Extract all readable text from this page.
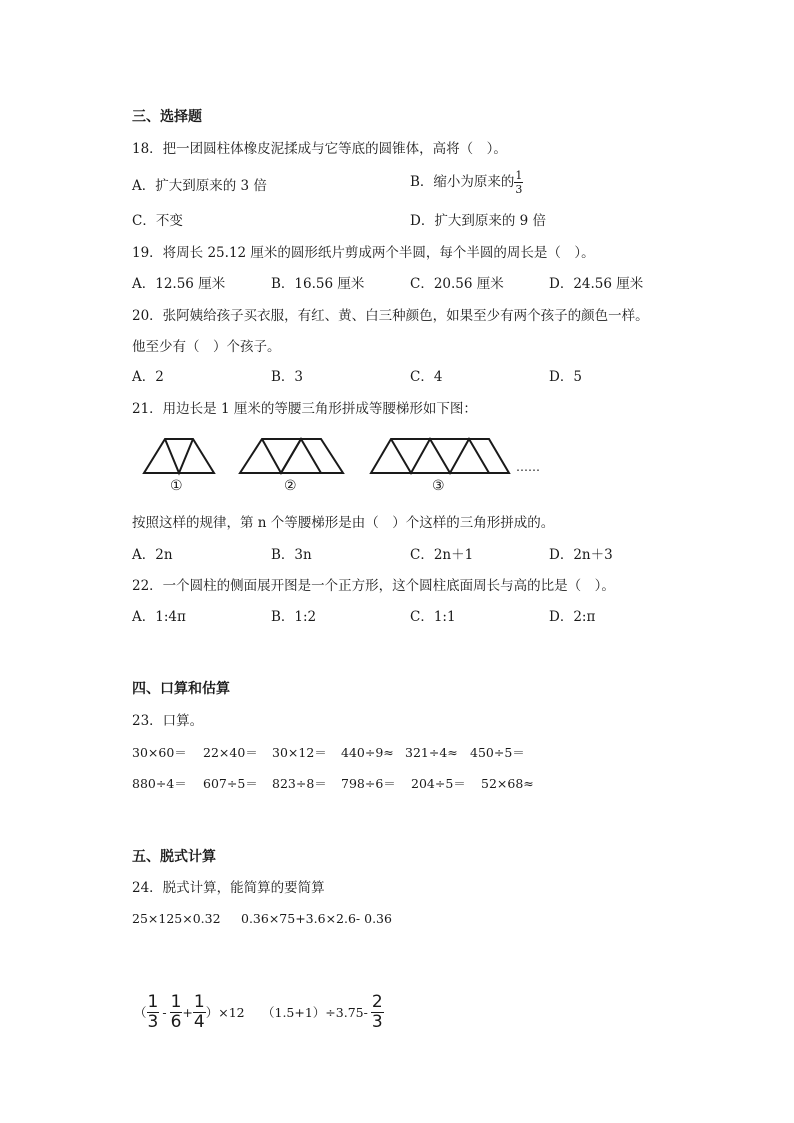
三、选择题
18．把一团圆柱体橡皮泥揉成与它等底的圆锥体，高将（　）。
A．扩大到原来的 3 倍	B．缩小为原来的 $\frac{1}{3}$
C．不变	D．扩大到原来的 9 倍
19．将周长 25.12 厘米的圆形纸片剪成两个半圆，每个半圆的周长是（　）。
A．12.56 厘米	B．16.56 厘米	C．20.56 厘米	D．24.56 厘米
20．张阿姨给孩子买衣服，有红、黄、白三种颜色，如果至少有两个孩子的颜色一样。
他至少有（　）个孩子。
A．2	B．3	C．4	D．5
21．用边长是 1 厘米的等腰三角形拼成等腰梯形如下图：
……
①	②	③
按照这样的规律，第 n 个等腰梯形是由（　）个这样的三角形拼成的。
A．2n	B．3n	C．2n＋1	D．2n＋3
22．一个圆柱的侧面展开图是一个正方形，这个圆柱底面周长与高的比是（　）。
A．1:4π	B．1:2	C．1:1	D．2:π
四、口算和估算
23．口算。
30×60＝ 22×40＝ 30×12＝ 440÷9≈ 321÷4≈ 450÷5＝
880÷4＝ 607÷5＝ 823÷8＝ 798÷6＝ 204÷5＝ 52×68≈
五、脱式计算
24．脱式计算，能简算的要简算
25×125×0.32 0.36×75+3.6×2.6- 0.36
（ $\frac{1}{3} - \frac{1}{6} + \frac{1}{4} )\times 12$ $(1.5+1)\div 3.75- \frac{2}{3}$
